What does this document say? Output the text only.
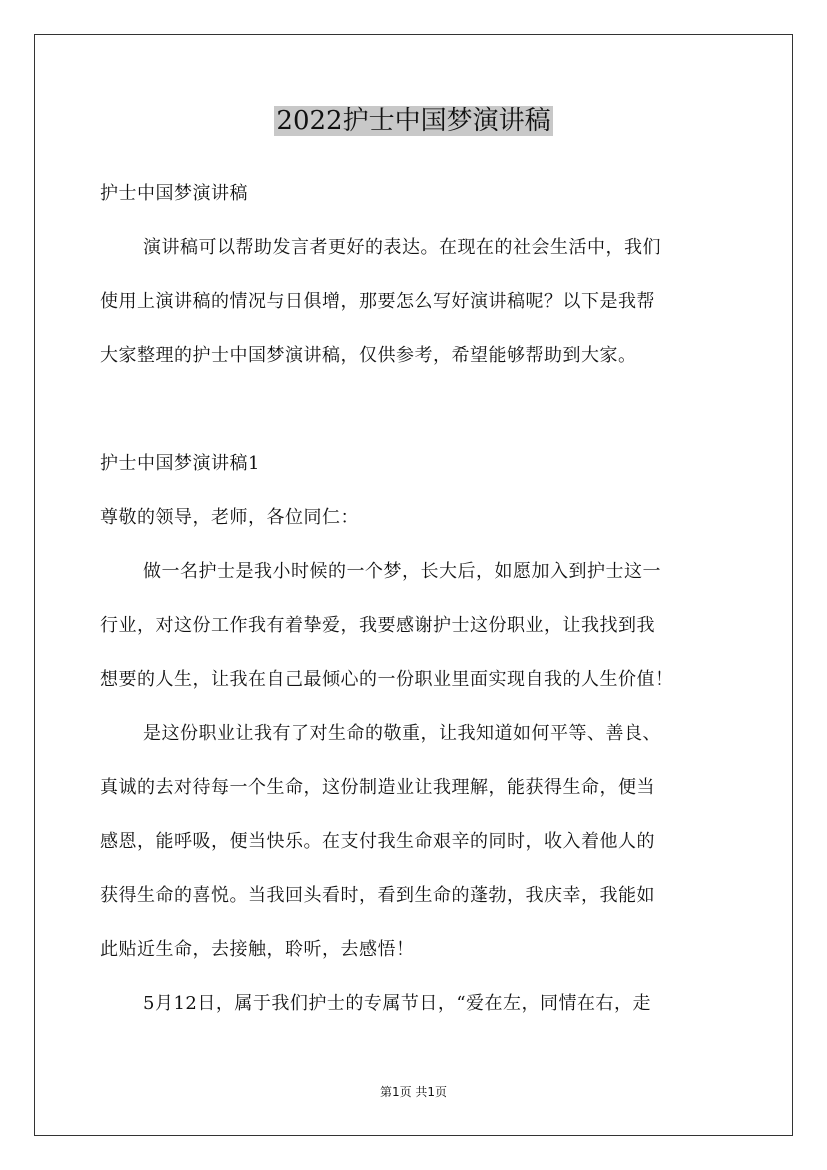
2022护士中国梦演讲稿
护士中国梦演讲稿
演讲稿可以帮助发言者更好的表达。在现在的社会生活中，我们
使用上演讲稿的情况与日俱增，那要怎么写好演讲稿呢？以下是我帮
大家整理的护士中国梦演讲稿，仅供参考，希望能够帮助到大家。
护士中国梦演讲稿1
尊敬的领导，老师，各位同仁：
做一名护士是我小时候的一个梦，长大后，如愿加入到护士这一
行业，对这份工作我有着挚爱，我要感谢护士这份职业，让我找到我
想要的人生，让我在自己最倾心的一份职业里面实现自我的人生价值！
是这份职业让我有了对生命的敬重，让我知道如何平等、善良、
真诚的去对待每一个生命，这份制造业让我理解，能获得生命，便当
感恩，能呼吸，便当快乐。在支付我生命艰辛的同时，收入着他人的
获得生命的喜悦。当我回头看时，看到生命的蓬勃，我庆幸，我能如
此贴近生命，去接触，聆听，去感悟！
5月12日，属于我们护士的专属节日，“爱在左，同情在右，走
第1页 共1页
